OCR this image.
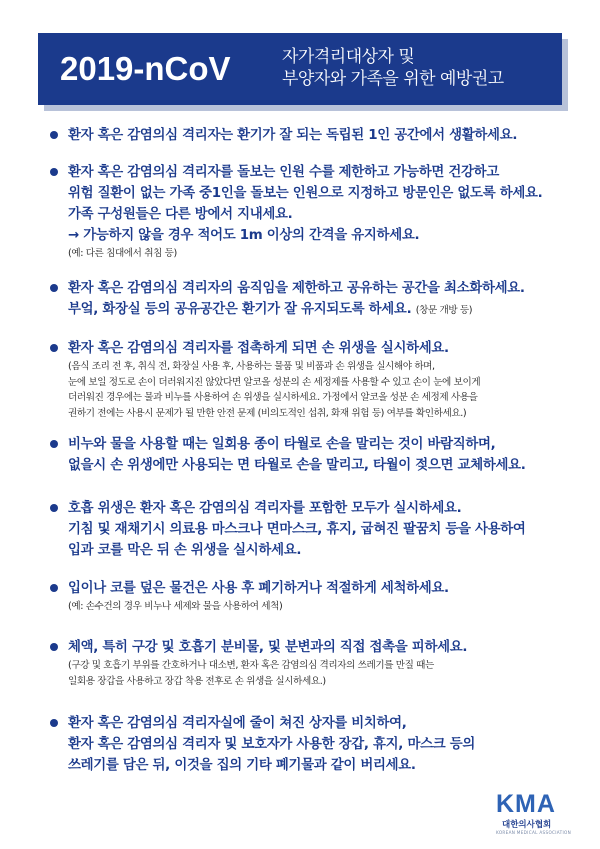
2019-nCoV	자가격리대상자 및
부양자와 가족을 위한 예방권고
환자 혹은 감염의심 격리자는 환기가 잘 되는 독립된 1인 공간에서 생활하세요.
환자 혹은 감염의심 격리자를 돌보는 인원 수를 제한하고 가능하면 건강하고
위험 질환이 없는 가족 중1인을 돌보는 인원으로 지정하고 방문인은 없도록 하세요.
가족 구성원들은 다른 방에서 지내세요.
→ 가능하지 않을 경우 적어도 1m 이상의 간격을 유지하세요.
(예: 다른 침대에서 취침 등)
환자 혹은 감염의심 격리자의 움직임을 제한하고 공유하는 공간을 최소화하세요.
부엌, 화장실 등의 공유공간은 환기가 잘 유지되도록 하세요. (창문 개방 등)
환자 혹은 감염의심 격리자를 접촉하게 되면 손 위생을 실시하세요.
(음식 조리 전 후, 취식 전, 화장실 사용 후, 사용하는 물품 및 비품과 손 위생을 실시해야 하며,
눈에 보일 정도로 손이 더러워지진 않았다면 알코올 성분의 손 세정제를 사용할 수 있고 손이 눈에 보이게
더러워진 경우에는 물과 비누를 사용하여 손 위생을 실시하세요. 가정에서 알코올 성분 손 세정제 사용을
권하기 전에는 사용시 문제가 될 만한 안전 문제 (비의도적인 섭취, 화재 위험 등) 여부를 확인하세요.)
비누와 물을 사용할 때는 일회용 종이 타월로 손을 말리는 것이 바람직하며,
없을시 손 위생에만 사용되는 면 타월로 손을 말리고, 타월이 젖으면 교체하세요.
호흡 위생은 환자 혹은 감염의심 격리자를 포함한 모두가 실시하세요.
기침 및 재채기시 의료용 마스크나 면마스크, 휴지, 굽혀진 팔꿈치 등을 사용하여
입과 코를 막은 뒤 손 위생을 실시하세요.
입이나 코를 덮은 물건은 사용 후 폐기하거나 적절하게 세척하세요.
(예: 손수건의 경우 비누나 세제와 물을 사용하여 세척)
체액, 특히 구강 및 호흡기 분비물, 및 분변과의 직접 접촉을 피하세요.
(구강 및 호흡기 부위를 간호하거나 대소변, 환자 혹은 감염의심 격리자의 쓰레기를 만질 때는
일회용 장갑을 사용하고 장갑 착용 전후로 손 위생을 실시하세요.)
환자 혹은 감염의심 격리자실에 줄이 쳐진 상자를 비치하여,
환자 혹은 감염의심 격리자 및 보호자가 사용한 장갑, 휴지, 마스크 등의
쓰레기를 담은 뒤, 이것을 집의 기타 폐기물과 같이 버리세요.
KMA
대한의사협회
KOREAN MEDICAL ASSOCIATION
